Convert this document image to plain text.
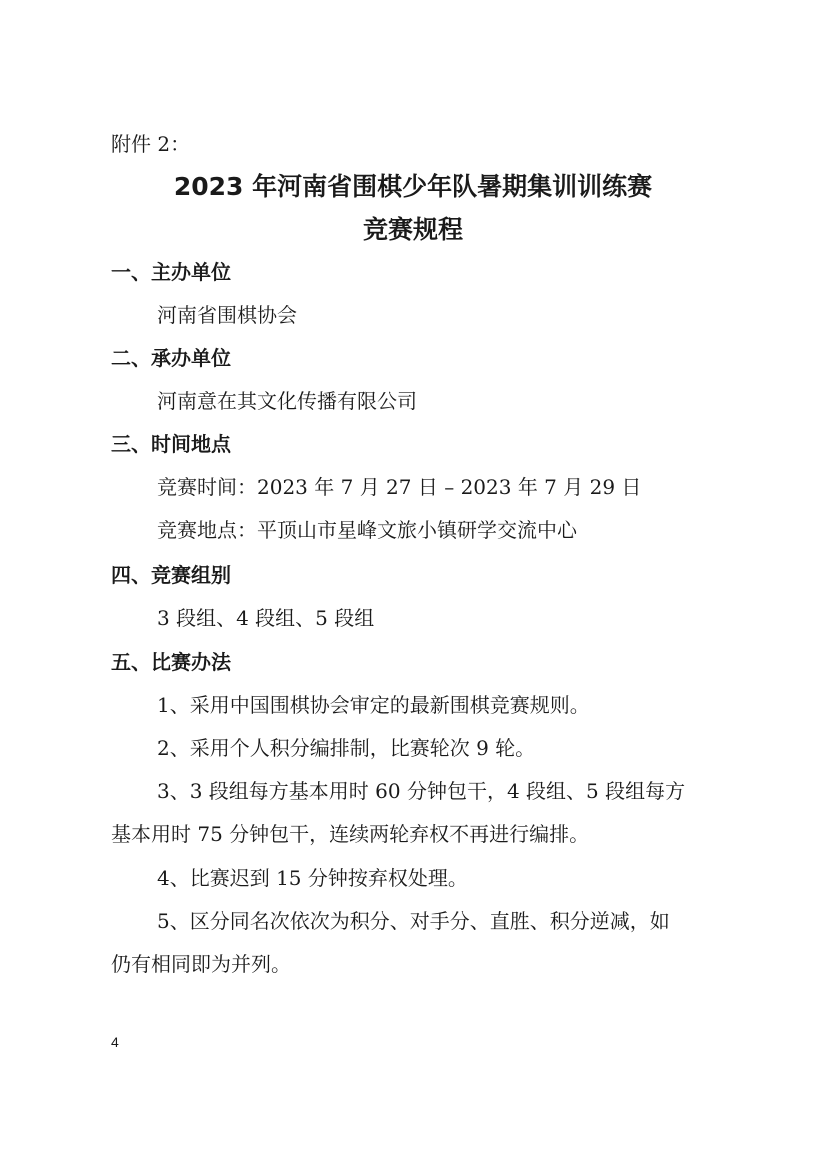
附件 2：
2023 年河南省围棋少年队暑期集训训练赛
竞赛规程
一、主办单位
河南省围棋协会
二、承办单位
河南意在其文化传播有限公司
三、时间地点
竞赛时间：2023 年 7 月 27 日 – 2023 年 7 月 29 日
竞赛地点：平顶山市星峰文旅小镇研学交流中心
四、竞赛组别
3 段组、4 段组、5 段组
五、比赛办法
1、采用中国围棋协会审定的最新围棋竞赛规则。
2、采用个人积分编排制，比赛轮次 9 轮。
3、3 段组每方基本用时 60 分钟包干，4 段组、5 段组每方
基本用时 75 分钟包干，连续两轮弃权不再进行编排。
4、比赛迟到 15 分钟按弃权处理。
5、区分同名次依次为积分、对手分、直胜、积分逆减，如
仍有相同即为并列。
4
